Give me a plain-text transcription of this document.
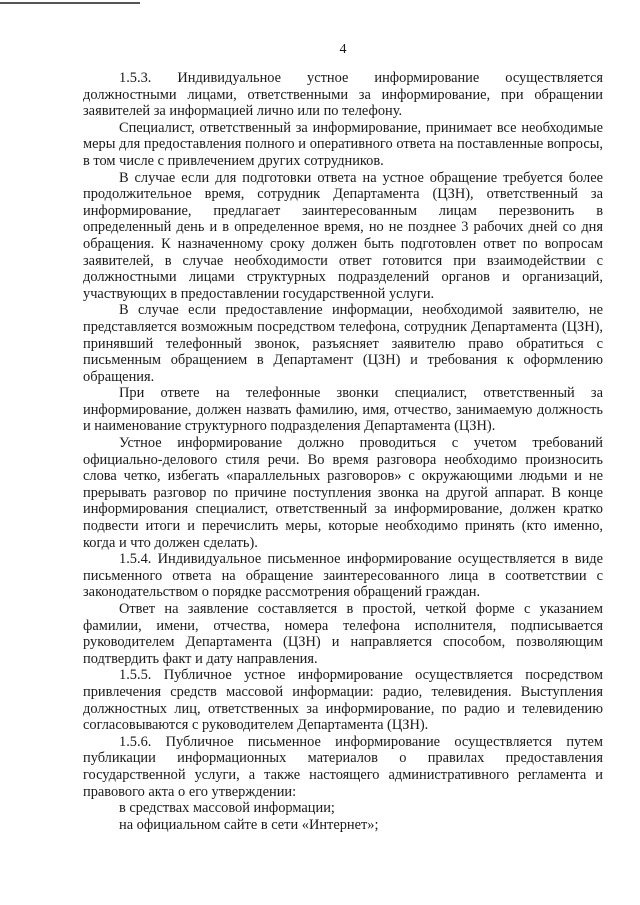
4

1.5.3. Индивидуальное устное информирование осуществляется должностными лицами, ответственными за информирование, при обращении заявителей за информацией лично или по телефону.

Специалист, ответственный за информирование, принимает все необходимые меры для предоставления полного и оперативного ответа на поставленные вопросы, в том числе с привлечением других сотрудников.

В случае если для подготовки ответа на устное обращение требуется более продолжительное время, сотрудник Департамента (ЦЗН), ответственный за информирование, предлагает заинтересованным лицам перезвонить в определенный день и в определенное время, но не позднее 3 рабочих дней со дня обращения. К назначенному сроку должен быть подготовлен ответ по вопросам заявителей, в случае необходимости ответ готовится при взаимодействии с должностными лицами структурных подразделений органов и организаций, участвующих в предоставлении государственной услуги.

В случае если предоставление информации, необходимой заявителю, не представляется возможным посредством телефона, сотрудник Департамента (ЦЗН), принявший телефонный звонок, разъясняет заявителю право обратиться с письменным обращением в Департамент (ЦЗН) и требования к оформлению обращения.

При ответе на телефонные звонки специалист, ответственный за информирование, должен назвать фамилию, имя, отчество, занимаемую должность и наименование структурного подразделения Департамента (ЦЗН).

Устное информирование должно проводиться с учетом требований официально-делового стиля речи. Во время разговора необходимо произносить слова четко, избегать «параллельных разговоров» с окружающими людьми и не прерывать разговор по причине поступления звонка на другой аппарат. В конце информирования специалист, ответственный за информирование, должен кратко подвести итоги и перечислить меры, которые необходимо принять (кто именно, когда и что должен сделать).

1.5.4. Индивидуальное письменное информирование осуществляется в виде письменного ответа на обращение заинтересованного лица в соответствии с законодательством о порядке рассмотрения обращений граждан.

Ответ на заявление составляется в простой, четкой форме с указанием фамилии, имени, отчества, номера телефона исполнителя, подписывается руководителем Департамента (ЦЗН) и направляется способом, позволяющим подтвердить факт и дату направления.

1.5.5. Публичное устное информирование осуществляется посредством привлечения средств массовой информации: радио, телевидения. Выступления должностных лиц, ответственных за информирование, по радио и телевидению согласовываются с руководителем Департамента (ЦЗН).

1.5.6. Публичное письменное информирование осуществляется путем публикации информационных материалов о правилах предоставления государственной услуги, а также настоящего административного регламента и правового акта о его утверждении:

в средствах массовой информации;

на официальном сайте в сети «Интернет»;
